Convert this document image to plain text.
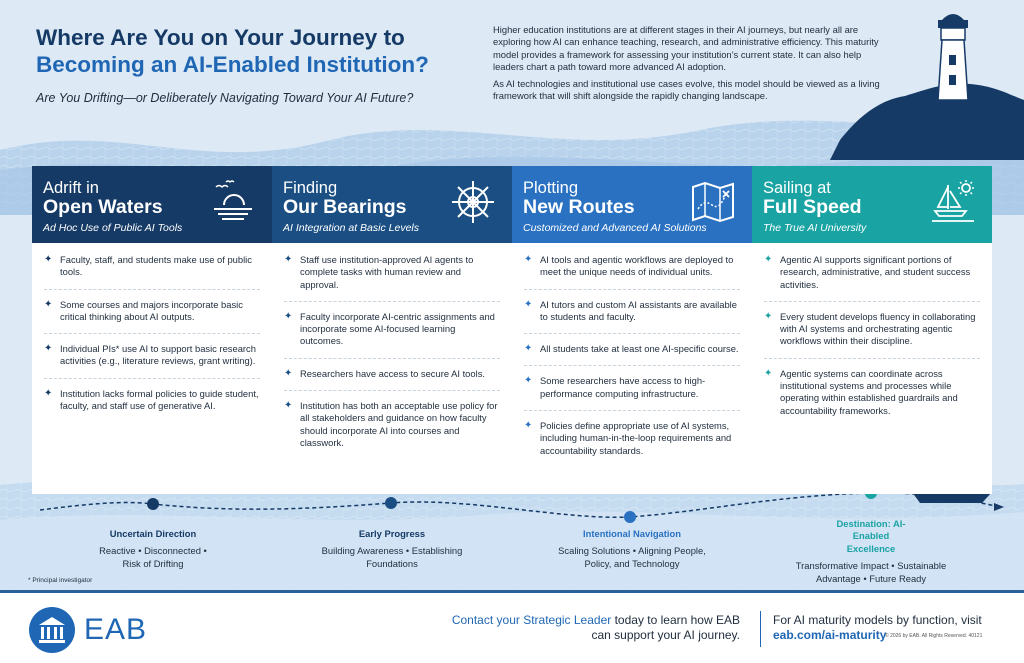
Where Are You on Your Journey to
Becoming an AI-Enabled Institution?
Are You Drifting—or Deliberately Navigating Toward Your AI Future?

Higher education institutions are at different stages in their AI journeys, but nearly all are exploring how AI can enhance teaching, research, and administrative efficiency. This maturity model provides a framework for assessing your institution’s current state. It can also help leaders chart a path toward more advanced AI adoption.

As AI technologies and institutional use cases evolve, this model should be viewed as a living framework that will shift alongside the rapidly changing landscape.

Adrift in
Open Waters
Ad Hoc Use of Public AI Tools
✦ Faculty, staff, and students make use of public tools.
✦ Some courses and majors incorporate basic critical thinking about AI outputs.
✦ Individual PIs* use AI to support basic research activities (e.g., literature reviews, grant writing).
✦ Institution lacks formal policies to guide student, faculty, and staff use of generative AI.
Finding
Our Bearings
AI Integration at Basic Levels
✦ Staff use institution-approved AI agents to complete tasks with human review and approval.
✦ Faculty incorporate AI-centric assignments and incorporate some AI-focused learning outcomes.
✦ Researchers have access to secure AI tools.
✦ Institution has both an acceptable use policy for all stakeholders and guidance on how faculty should incorporate AI into courses and classwork.
Plotting
New Routes
Customized and Advanced AI Solutions
✦ AI tools and agentic workflows are deployed to meet the unique needs of individual units.
✦ AI tutors and custom AI assistants are available to students and faculty.
✦ All students take at least one AI-specific course.
✦ Some researchers have access to high-performance computing infrastructure.
✦ Policies define appropriate use of AI systems, including human-in-the-loop requirements and accountability standards.
Sailing at
Full Speed
The True AI University
✦ Agentic AI supports significant portions of research, administrative, and student success activities.
✦ Every student develops fluency in collaborating with AI systems and orchestrating agentic workflows within their discipline.
✦ Agentic systems can coordinate across institutional systems and processes while operating within established guardrails and accountability frameworks.
Uncertain Direction
Reactive • Disconnected • Risk of Drifting
Early Progress
Building Awareness • Establishing Foundations
Intentional Navigation
Scaling Solutions • Aligning People, Policy, and Technology
Destination: AI-Enabled Excellence
Transformative Impact • Sustainable Advantage • Future Ready
* Principal investigator
EAB	Contact your Strategic Leader today to learn how EAB can support your AI journey.
For AI maturity models by function, visit
eab.com/ai-maturity
© 2026 by EAB. All Rights Reserved. 40121
